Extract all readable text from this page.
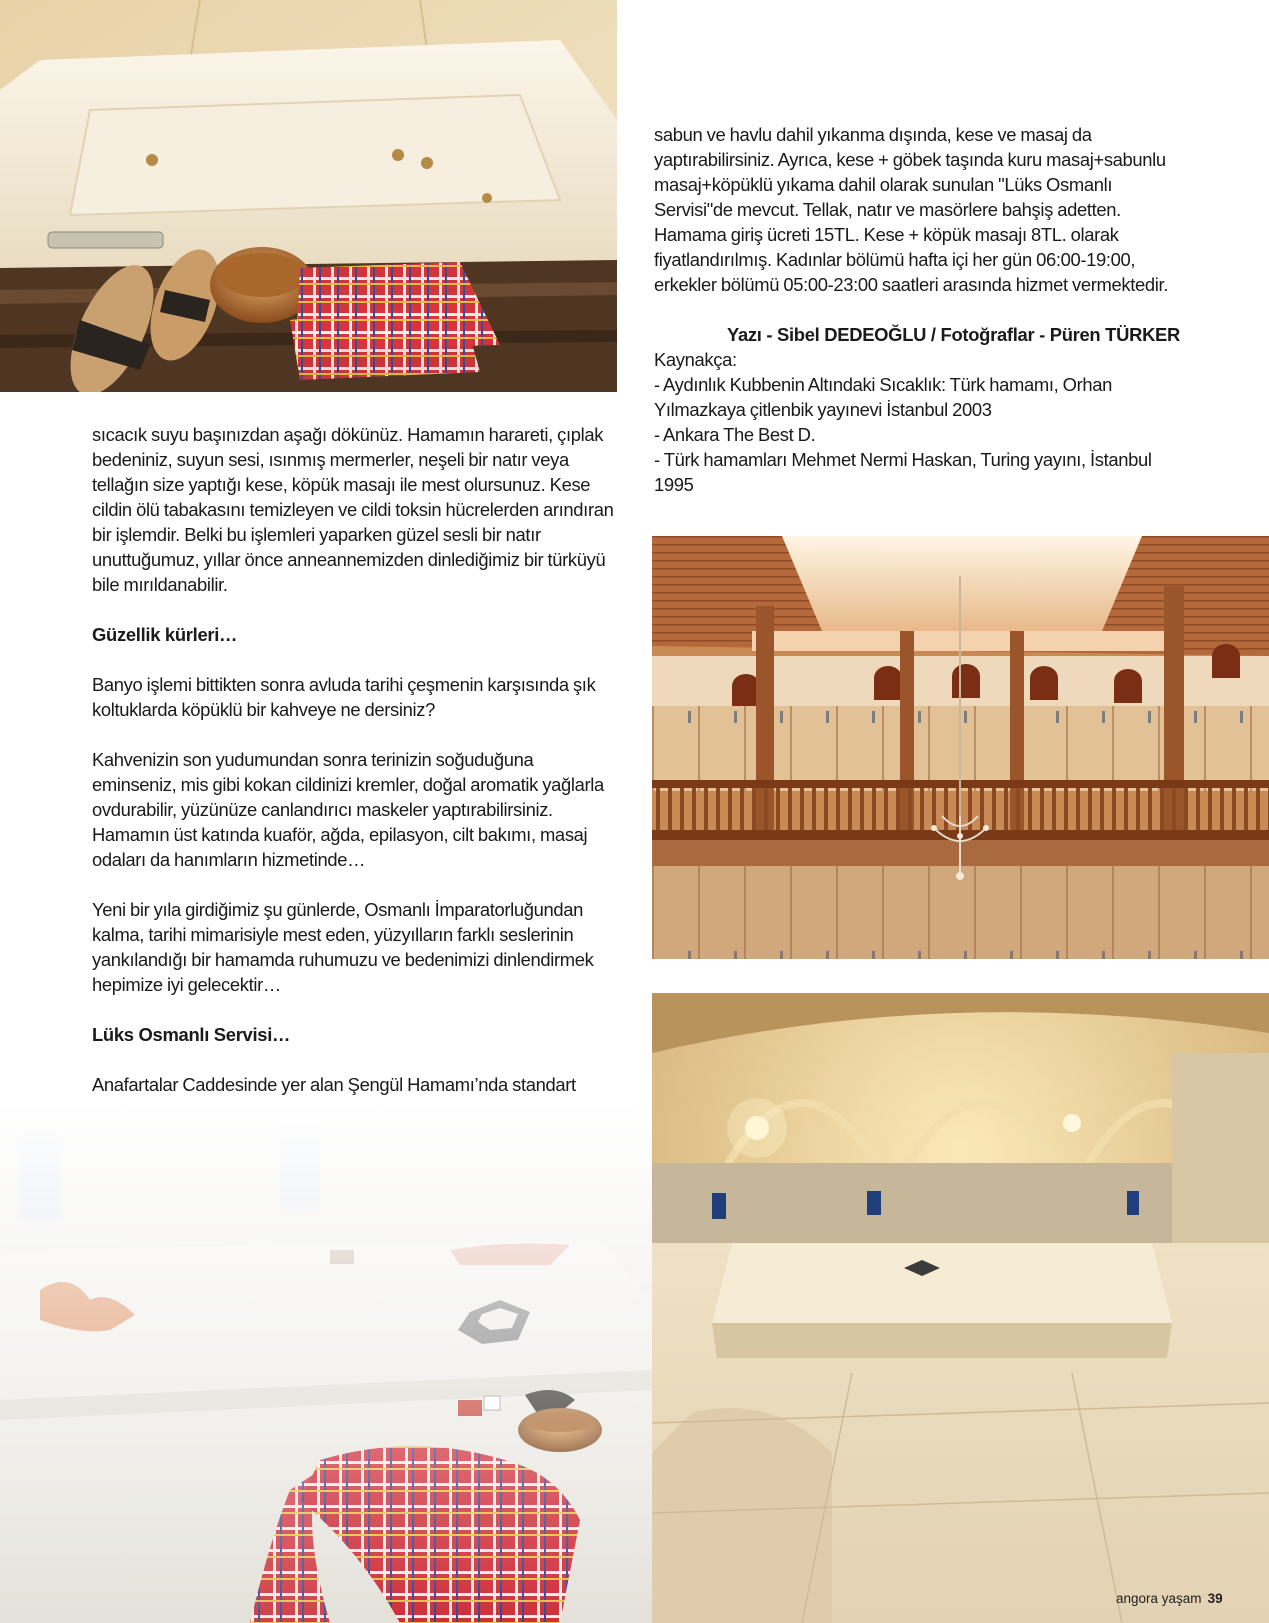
sabun ve havlu dahil yıkanma dışında, kese ve masaj da yaptırabilirsiniz. Ayrıca, kese + göbek taşında kuru masaj+sabunlu masaj+köpüklü yıkama dahil olarak sunulan "Lüks Osmanlı Servisi"de mevcut. Tellak, natır ve masörlere bahşiş adetten. Hamama giriş ücreti 15TL. Kese + köpük masajı 8TL. olarak fiyatlandırılmış. Kadınlar bölümü hafta içi her gün 06:00-19:00, erkekler bölümü 05:00-23:00 saatleri arasında hizmet vermektedir.

Yazı - Sibel DEDEOĞLU / Fotoğraflar - Püren TÜRKER

Kaynakça:

- Aydınlık Kubbenin Altındaki Sıcaklık: Türk hamamı, Orhan Yılmazkaya çitlenbik yayınevi İstanbul 2003

- Ankara The Best D.

- Türk hamamları Mehmet Nermi Haskan, Turing yayını, İstanbul 1995

sıcacık suyu başınızdan aşağı dökünüz. Hamamın harareti, çıplak bedeniniz, suyun sesi, ısınmış mermerler, neşeli bir natır veya tellağın size yaptığı kese, köpük masajı ile mest olursunuz. Kese cildin ölü tabakasını temizleyen ve cildi toksin hücrelerden arındıran bir işlemdir. Belki bu işlemleri yaparken güzel sesli bir natır unuttuğumuz, yıllar önce anneannemizden dinlediğimiz bir türküyü bile mırıldanabilir.

Güzellik kürleri…

Banyo işlemi bittikten sonra avluda tarihi çeşmenin karşısında şık koltuklarda köpüklü bir kahveye ne dersiniz?

Kahvenizin son yudumundan sonra terinizin soğuduğuna eminseniz, mis gibi kokan cildinizi kremler, doğal aromatik yağlarla ovdurabilir, yüzünüze canlandırıcı maskeler yaptırabilirsiniz. Hamamın üst katında kuaför, ağda, epilasyon, cilt bakımı, masaj odaları da hanımların hizmetinde…

Yeni bir yıla girdiğimiz şu günlerde, Osmanlı İmparatorluğundan kalma, tarihi mimarisiyle mest eden, yüzyılların farklı seslerinin yankılandığı bir hamamda ruhumuzu ve bedenimizi dinlendirmek hepimize iyi gelecektir…

Lüks Osmanlı Servisi…

Anafartalar Caddesinde yer alan Şengül Hamamı’nda standart

angora yaşam 39
